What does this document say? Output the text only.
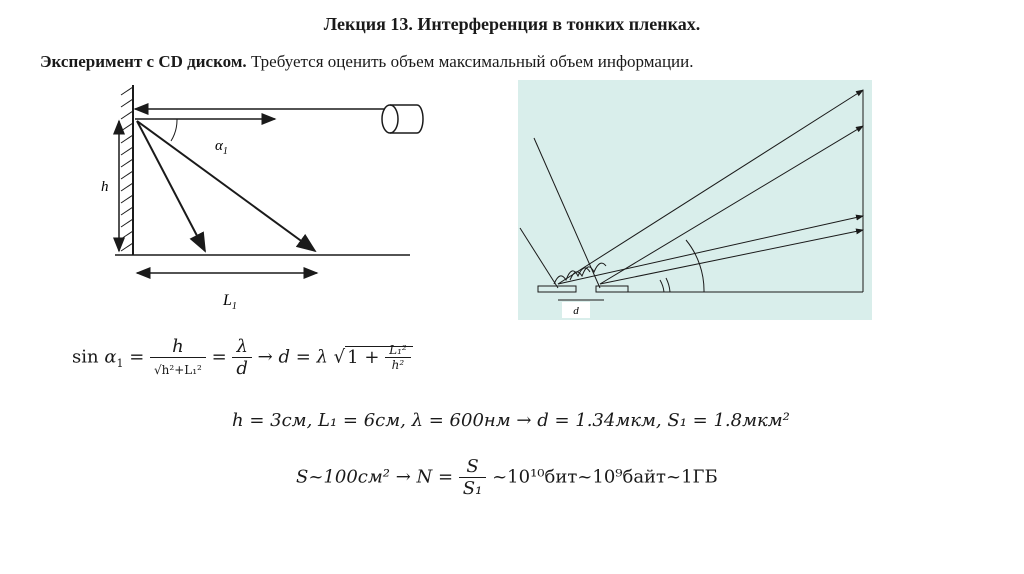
Лекция 13. Интерференция в тонких пленках.
Эксперимент с CD диском. Требуется оценить объем максимальный объем информации.
$\alpha_1$
h
$L_1$	d
$\sin \alpha_1 = \frac{h}{\text{√h²+L₁²}} = \frac{\lambda}{d} \to d = \lambda$ √ $1 + \frac{\text{L₁²}}{\text{h²}}$
h = 3см, L₁ = 6см, λ = 600нм → d = 1.34мкм, S₁ = 1.8мкм²
S~100см² → $N = \frac{S}{\text{S₁}}$ ~10¹⁰бит~10⁹байт~1ГБ
